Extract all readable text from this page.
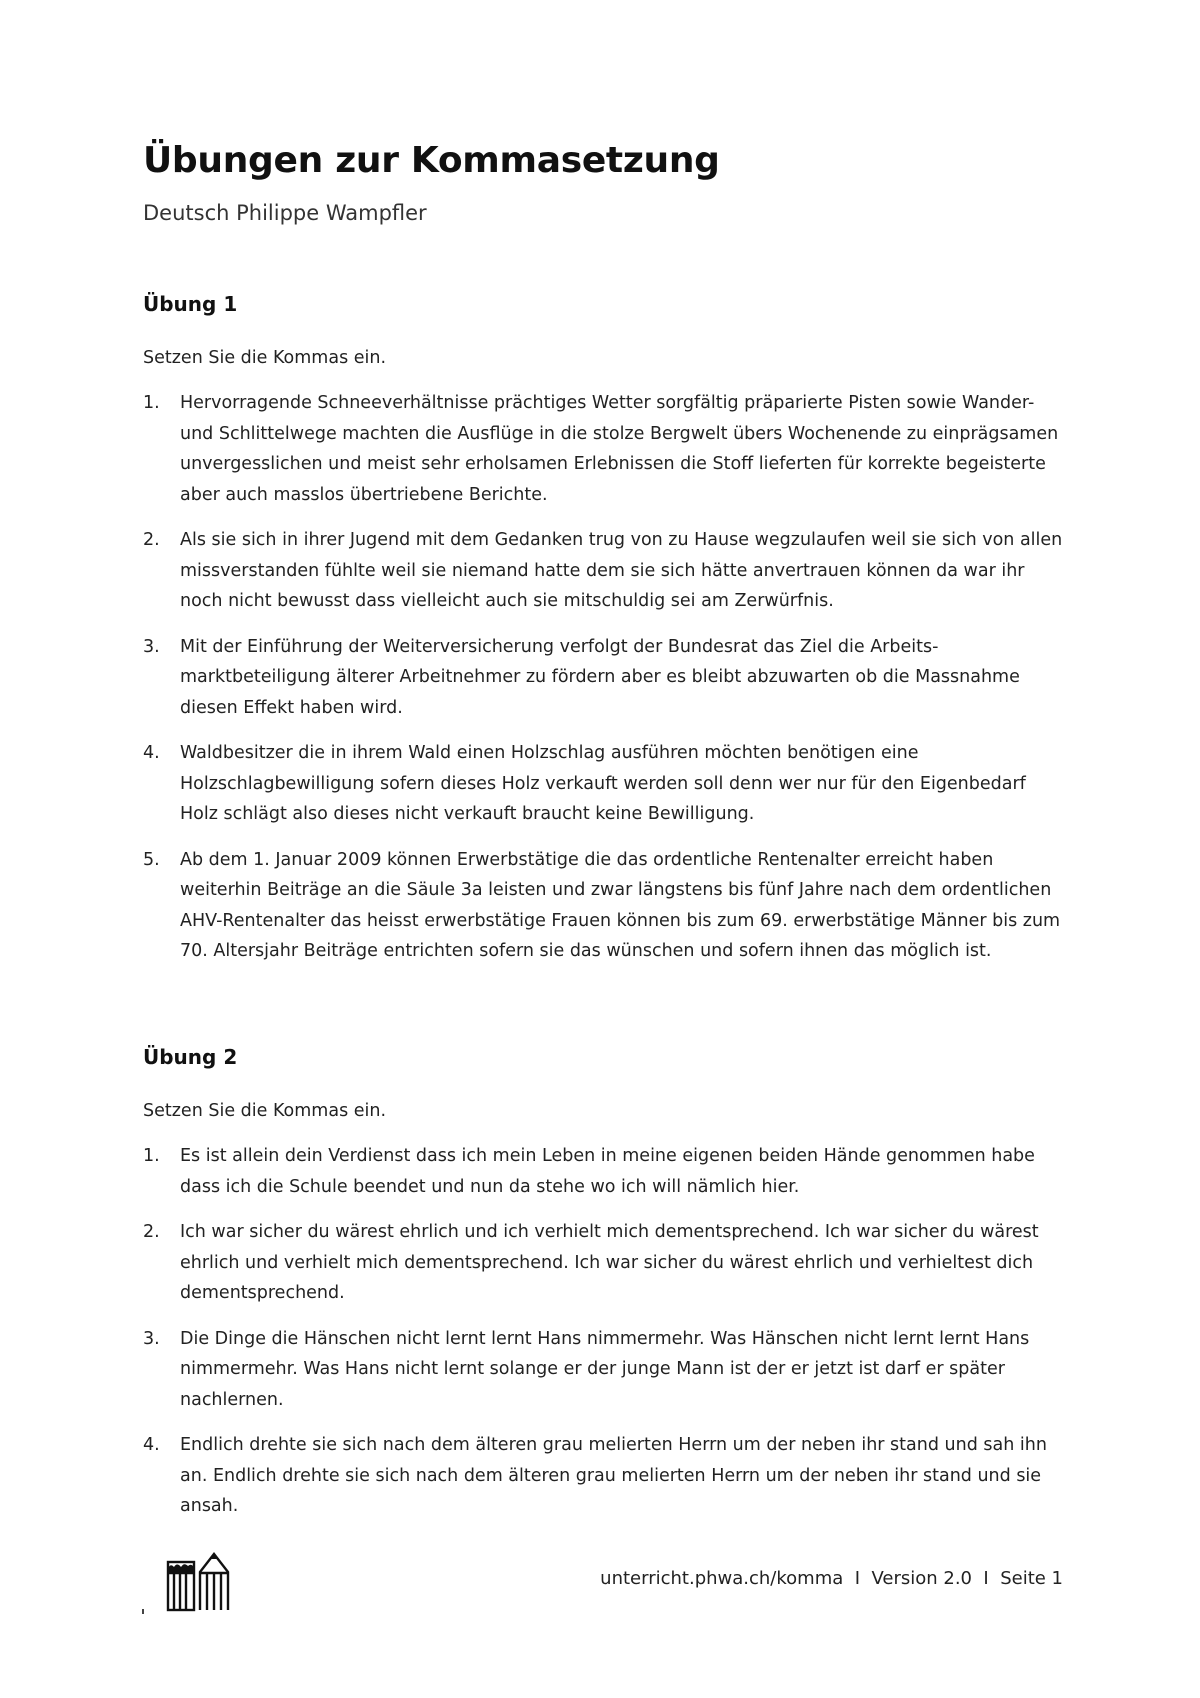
Übungen zur Kommasetzung
Deutsch Philippe Wampfler
Übung 1

Setzen Sie die Kommas ein.

1. Hervorragende Schneeverhältnisse prächtiges Wetter sorgfältig präparierte Pisten sowie Wander- und Schlittelwege machten die Ausflüge in die stolze Bergwelt übers Wochenende zu einprägsamen unvergesslichen und meist sehr erholsamen Erlebnissen die Stoff lieferten für korrekte begeisterte aber auch masslos übertriebene Berichte.
2. Als sie sich in ihrer Jugend mit dem Gedanken trug von zu Hause wegzulaufen weil sie sich von allen missverstanden fühlte weil sie niemand hatte dem sie sich hätte anvertrauen können da war ihr noch nicht bewusst dass vielleicht auch sie mitschuldig sei am Zerwürfnis.
3. Mit der Einführung der Weiterversicherung verfolgt der Bundesrat das Ziel die Arbeits-marktbeteiligung älterer Arbeitnehmer zu fördern aber es bleibt abzuwarten ob die Massnahme diesen Effekt haben wird.
4. Waldbesitzer die in ihrem Wald einen Holzschlag ausführen möchten benötigen eine Holzschlagbewilligung sofern dieses Holz verkauft werden soll denn wer nur für den Eigenbedarf Holz schlägt also dieses nicht verkauft braucht keine Bewilligung.
5. Ab dem 1. Januar 2009 können Erwerbstätige die das ordentliche Rentenalter erreicht haben weiterhin Beiträge an die Säule 3a leisten und zwar längstens bis fünf Jahre nach dem ordentlichen AHV-Rentenalter das heisst erwerbstätige Frauen können bis zum 69. erwerbstätige Männer bis zum 70. Altersjahr Beiträge entrichten sofern sie das wünschen und sofern ihnen das möglich ist.
Übung 2

Setzen Sie die Kommas ein.

1. Es ist allein dein Verdienst dass ich mein Leben in meine eigenen beiden Hände genommen habe dass ich die Schule beendet und nun da stehe wo ich will nämlich hier.
2. Ich war sicher du wärest ehrlich und ich verhielt mich dementsprechend. Ich war sicher du wärest ehrlich und verhielt mich dementsprechend. Ich war sicher du wärest ehrlich und verhieltest dich dementsprechend.
3. Die Dinge die Hänschen nicht lernt lernt Hans nimmermehr. Was Hänschen nicht lernt lernt Hans nimmermehr. Was Hans nicht lernt solange er der junge Mann ist der er jetzt ist darf er später nachlernen.
4. Endlich drehte sie sich nach dem älteren grau melierten Herrn um der neben ihr stand und sah ihn an. Endlich drehte sie sich nach dem älteren grau melierten Herrn um der neben ihr stand und sie ansah.
unterricht.phwa.ch/komma  I  Version 2.0  I  Seite 1
